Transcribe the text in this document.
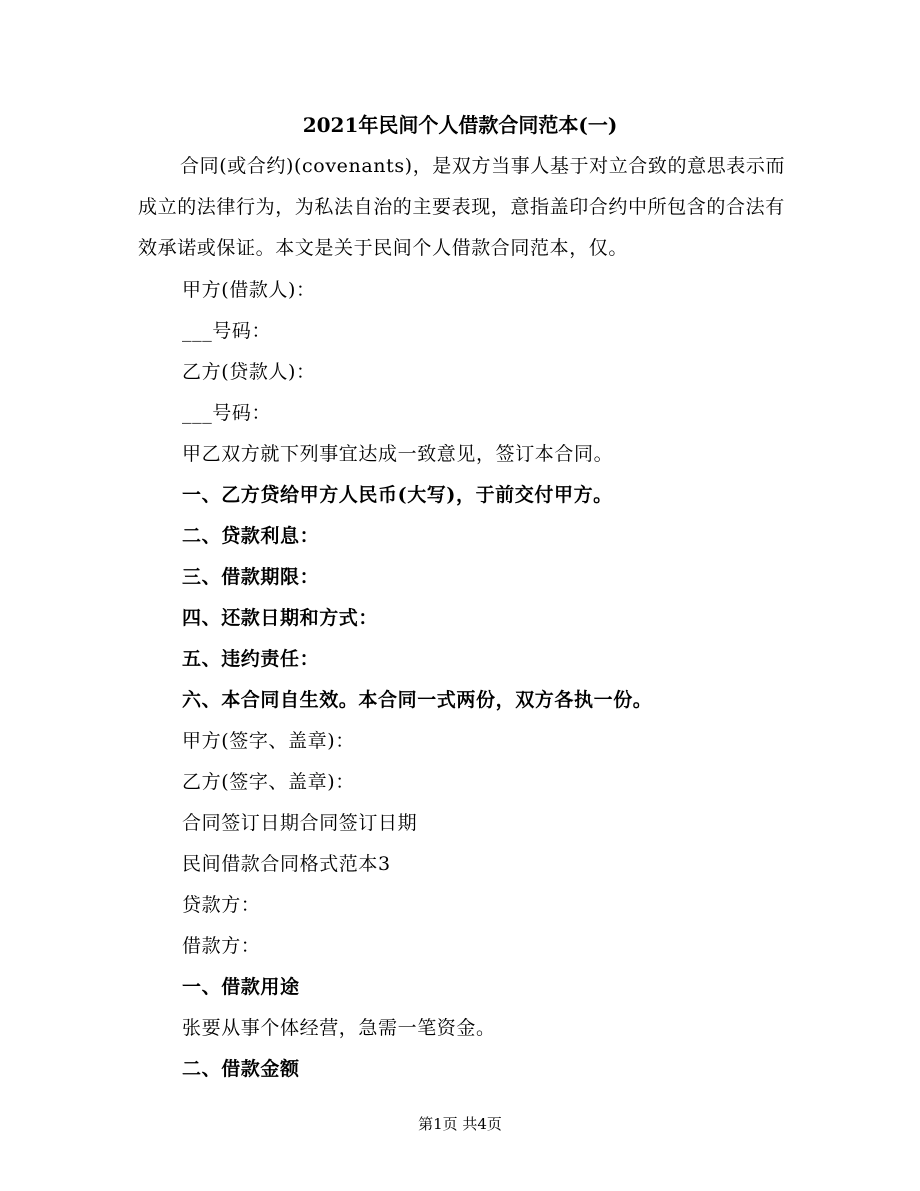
2021年民间个人借款合同范本(一)

合同(或合约)(covenants)，是双方当事人基于对立合致的意思表示而成立的法律行为，为私法自治的主要表现，意指盖印合约中所包含的合法有效承诺或保证。本文是关于民间个人借款合同范本，仅。

甲方(借款人)：

___号码：

乙方(贷款人)：

___号码：

甲乙双方就下列事宜达成一致意见，签订本合同。

一、乙方贷给甲方人民币(大写)，于前交付甲方。

二、贷款利息：

三、借款期限：

四、还款日期和方式：

五、违约责任：

六、本合同自生效。本合同一式两份，双方各执一份。

甲方(签字、盖章)：

乙方(签字、盖章)：

合同签订日期合同签订日期

民间借款合同格式范本3

贷款方：

借款方：

一、借款用途

张要从事个体经营，急需一笔资金。

二、借款金额

第1页 共4页
